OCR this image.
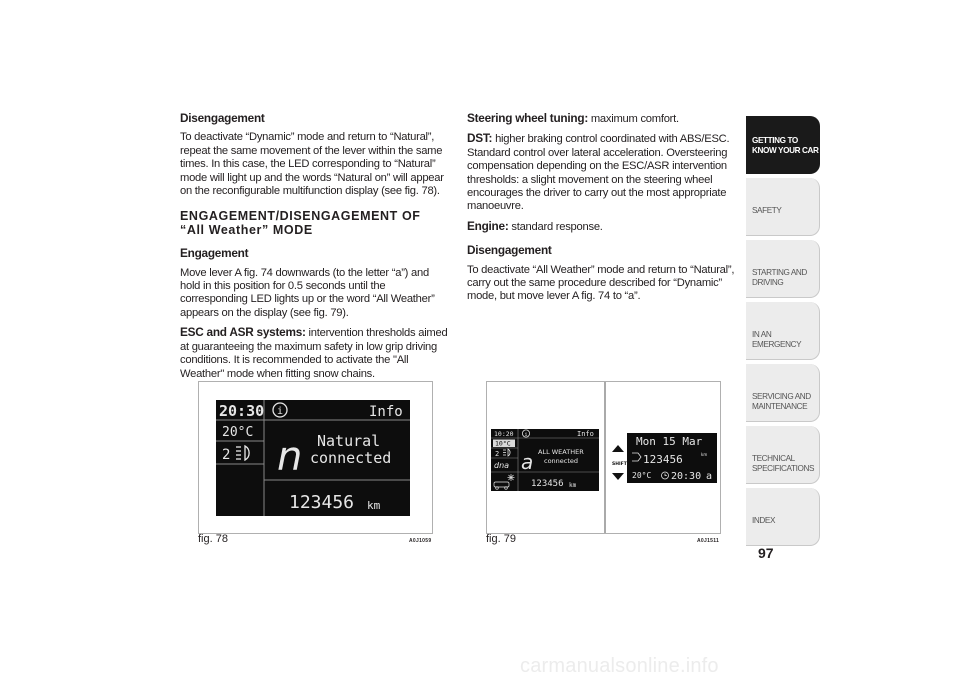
Disengagement

To deactivate “Dynamic” mode and return to “Natural”, repeat the same movement of the lever within the same times. In this case, the LED corresponding to “Natural” mode will light up and the words “Natural on” will appear on the reconfigurable multifunction display (see fig. 78).

ENGAGEMENT/DISENGAGEMENT OF “All Weather” MODE
Engagement

Move lever A fig. 74 downwards (to the letter “a”) and hold in this position for 0.5 seconds until the corresponding LED lights up or the word “All Weather” appears on the display (see fig. 79).

ESC and ASR systems: intervention thresholds aimed at guaranteeing the maximum safety in low grip driving conditions. It is recommended to activate the "All Weather" mode when fitting snow chains.

Steering wheel tuning: maximum comfort.

DST: higher braking control coordinated with ABS/ESC. Standard control over lateral acceleration. Oversteering compensation depending on the ESC/ASR intervention thresholds: a slight movement on the steering wheel encourages the driver to carry out the most appropriate manoeuvre.

Engine: standard response.

Disengagement

To deactivate “All Weather” mode and return to “Natural”, carry out the same procedure described for “Dynamic” mode, but move lever A fig. 74 to “a”.

20:30 i	Info
20°C
2 n Natural
connected
123456 km
fig. 78	A0J1059
10:20 i	Info
10°C
2
dna a ALL WEATHER
connected
123456 km
SHIFT
Mon 15 Mar
123456	km
20°C 20:30 a
fig. 79	A0J1511
GETTING TO KNOW YOUR CAR
SAFETY
STARTING AND DRIVING
IN AN EMERGENCY
SERVICING AND MAINTENANCE
TECHNICAL SPECIFICATIONS
INDEX
97
carmanualsonline.info
